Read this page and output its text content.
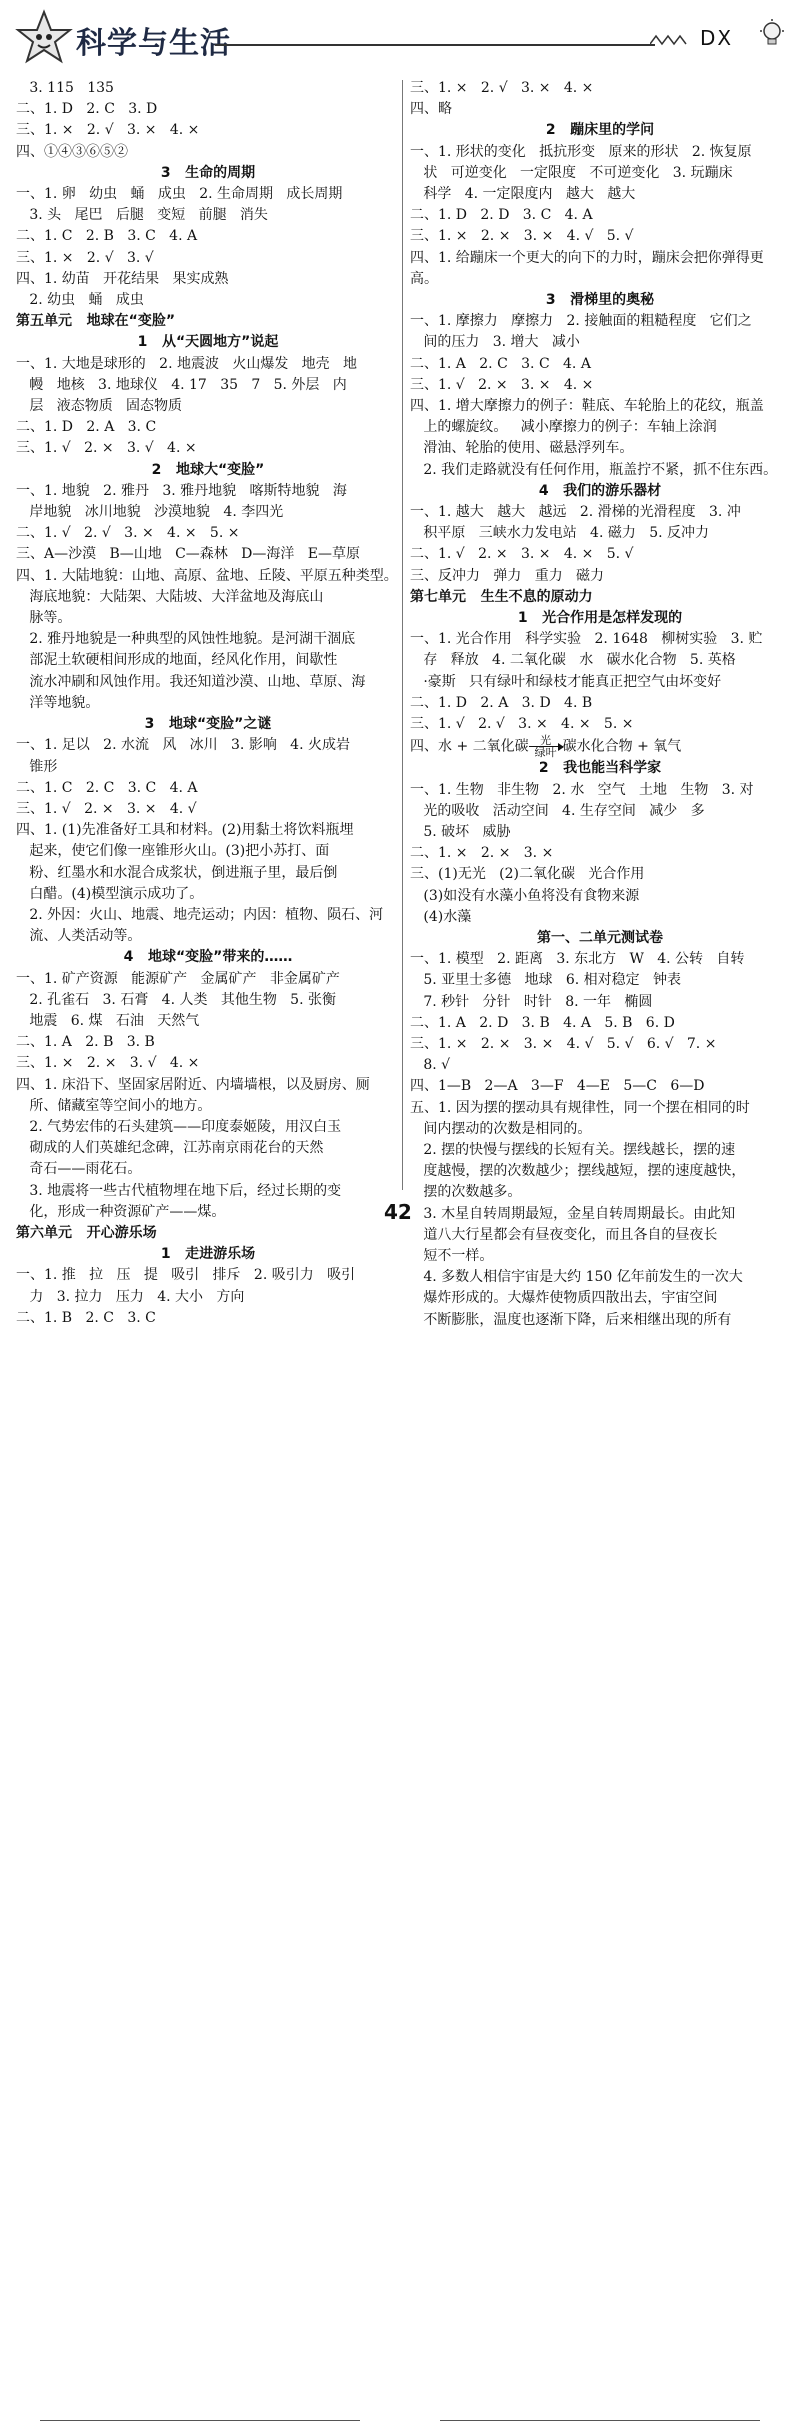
科学与生活	DX
3. 115   135
二、1. D   2. C   3. D
三、1. ×   2. √   3. ×   4. ×
四、①④③⑥⑤②
3   生命的周期
一、1. 卵   幼虫   蛹   成虫   2. 生命周期   成长周期
3. 头   尾巴   后腿   变短   前腿   消失
二、1. C   2. B   3. C   4. A
三、1. ×   2. √   3. √
四、1. 幼苗   开花结果   果实成熟
2. 幼虫   蛹   成虫
第五单元   地球在“变脸”
1   从“天圆地方”说起
一、1. 大地是球形的   2. 地震波   火山爆发   地壳   地
幔   地核   3. 地球仪   4. 17   35   7   5. 外层   内
层   液态物质   固态物质
二、1. D   2. A   3. C
三、1. √   2. ×   3. √   4. ×
2   地球大“变脸”
一、1. 地貌   2. 雅丹   3. 雅丹地貌   喀斯特地貌   海
岸地貌   冰川地貌   沙漠地貌   4. 李四光
二、1. √   2. √   3. ×   4. ×   5. ×
三、A—沙漠   B—山地   C—森林   D—海洋   E—草原
四、1. 大陆地貌：山地、高原、盆地、丘陵、平原五种类型。
海底地貌：大陆架、大陆坡、大洋盆地及海底山
脉等。
2. 雅丹地貌是一种典型的风蚀性地貌。是河湖干涸底
部泥土软硬相间形成的地面，经风化作用，间歇性
流水冲刷和风蚀作用。我还知道沙漠、山地、草原、海
洋等地貌。
3   地球“变脸”之谜
一、1. 足以   2. 水流   风   冰川   3. 影响   4. 火成岩
锥形
二、1. C   2. C   3. C   4. A
三、1. √   2. ×   3. ×   4. √
四、1. (1)先准备好工具和材料。(2)用黏土将饮料瓶埋
起来，使它们像一座锥形火山。(3)把小苏打、面
粉、红墨水和水混合成浆状，倒进瓶子里，最后倒
白醋。(4)模型演示成功了。
2. 外因：火山、地震、地壳运动；内因：植物、陨石、河
流、人类活动等。
4   地球“变脸”带来的……
一、1. 矿产资源   能源矿产   金属矿产   非金属矿产
2. 孔雀石   3. 石膏   4. 人类   其他生物   5. 张衡
地震   6. 煤   石油   天然气
二、1. A   2. B   3. B
三、1. ×   2. ×   3. √   4. ×
四、1. 床沿下、坚固家居附近、内墙墙根，以及厨房、厕
所、储藏室等空间小的地方。
2. 气势宏伟的石头建筑——印度泰姬陵，用汉白玉
砌成的人们英雄纪念碑，江苏南京雨花台的天然
奇石——雨花石。
3. 地震将一些古代植物埋在地下后，经过长期的变
化，形成一种资源矿产——煤。
第六单元   开心游乐场
1   走进游乐场
一、1. 推   拉   压   提   吸引   排斥   2. 吸引力   吸引
力   3. 拉力   压力   4. 大小   方向
二、1. B   2. C   3. C
三、1. ×   2. √   3. ×   4. ×
四、略
2   蹦床里的学问
一、1. 形状的变化   抵抗形变   原来的形状   2. 恢复原
状   可逆变化   一定限度   不可逆变化   3. 玩蹦床
科学   4. 一定限度内   越大   越大
二、1. D   2. D   3. C   4. A
三、1. ×   2. ×   3. ×   4. √   5. √
四、1. 给蹦床一个更大的向下的力时，蹦床会把你弹得更高。
3   滑梯里的奥秘
一、1. 摩擦力   摩擦力   2. 接触面的粗糙程度   它们之
间的压力   3. 增大   减小
二、1. A   2. C   3. C   4. A
三、1. √   2. ×   3. ×   4. ×
四、1. 增大摩擦力的例子：鞋底、车轮胎上的花纹，瓶盖
上的螺旋纹。   减小摩擦力的例子：车轴上涂润
滑油、轮胎的使用、磁悬浮列车。
2. 我们走路就没有任何作用，瓶盖拧不紧，抓不住东西。
4   我们的游乐器材
一、1. 越大   越大   越远   2. 滑梯的光滑程度   3. 冲
积平原   三峡水力发电站   4. 磁力   5. 反冲力
二、1. √   2. ×   3. ×   4. ×   5. √
三、反冲力   弹力   重力   磁力
第七单元   生生不息的原动力
1   光合作用是怎样发现的
一、1. 光合作用   科学实验   2. 1648   柳树实验   3. 贮
存   释放   4. 二氧化碳   水   碳水化合物   5. 英格
·豪斯   只有绿叶和绿枝才能真正把空气由坏变好
二、1. D   2. A   3. D   4. B
三、1. √   2. √   3. ×   4. ×   5. ×
四、水 + 二氧化碳	光
绿叶 碳水化合物 + 氧气
2   我也能当科学家
一、1. 生物   非生物   2. 水   空气   土地   生物   3. 对
光的吸收   活动空间   4. 生存空间   减少   多
5. 破坏   威胁
二、1. ×   2. ×   3. ×
三、(1)无光   (2)二氧化碳   光合作用
(3)如没有水藻小鱼将没有食物来源
(4)水藻
第一、二单元测试卷
一、1. 模型   2. 距离   3. 东北方   W   4. 公转   自转
5. 亚里士多德   地球   6. 相对稳定   钟表
7. 秒针   分针   时针   8. 一年   椭圆
二、1. A   2. D   3. B   4. A   5. B   6. D
三、1. ×   2. ×   3. ×   4. √   5. √   6. √   7. ×
8. √
四、1—B   2—A   3—F   4—E   5—C   6—D
五、1. 因为摆的摆动具有规律性，同一个摆在相同的时
间内摆动的次数是相同的。
2. 摆的快慢与摆线的长短有关。摆线越长，摆的速
度越慢，摆的次数越少；摆线越短，摆的速度越快，
摆的次数越多。
3. 木星自转周期最短，金星自转周期最长。由此知
道八大行星都会有昼夜变化，而且各自的昼夜长
短不一样。
4. 多数人相信宇宙是大约 150 亿年前发生的一次大
爆炸形成的。大爆炸使物质四散出去，宇宙空间
不断膨胀，温度也逐渐下降，后来相继出现的所有
42
